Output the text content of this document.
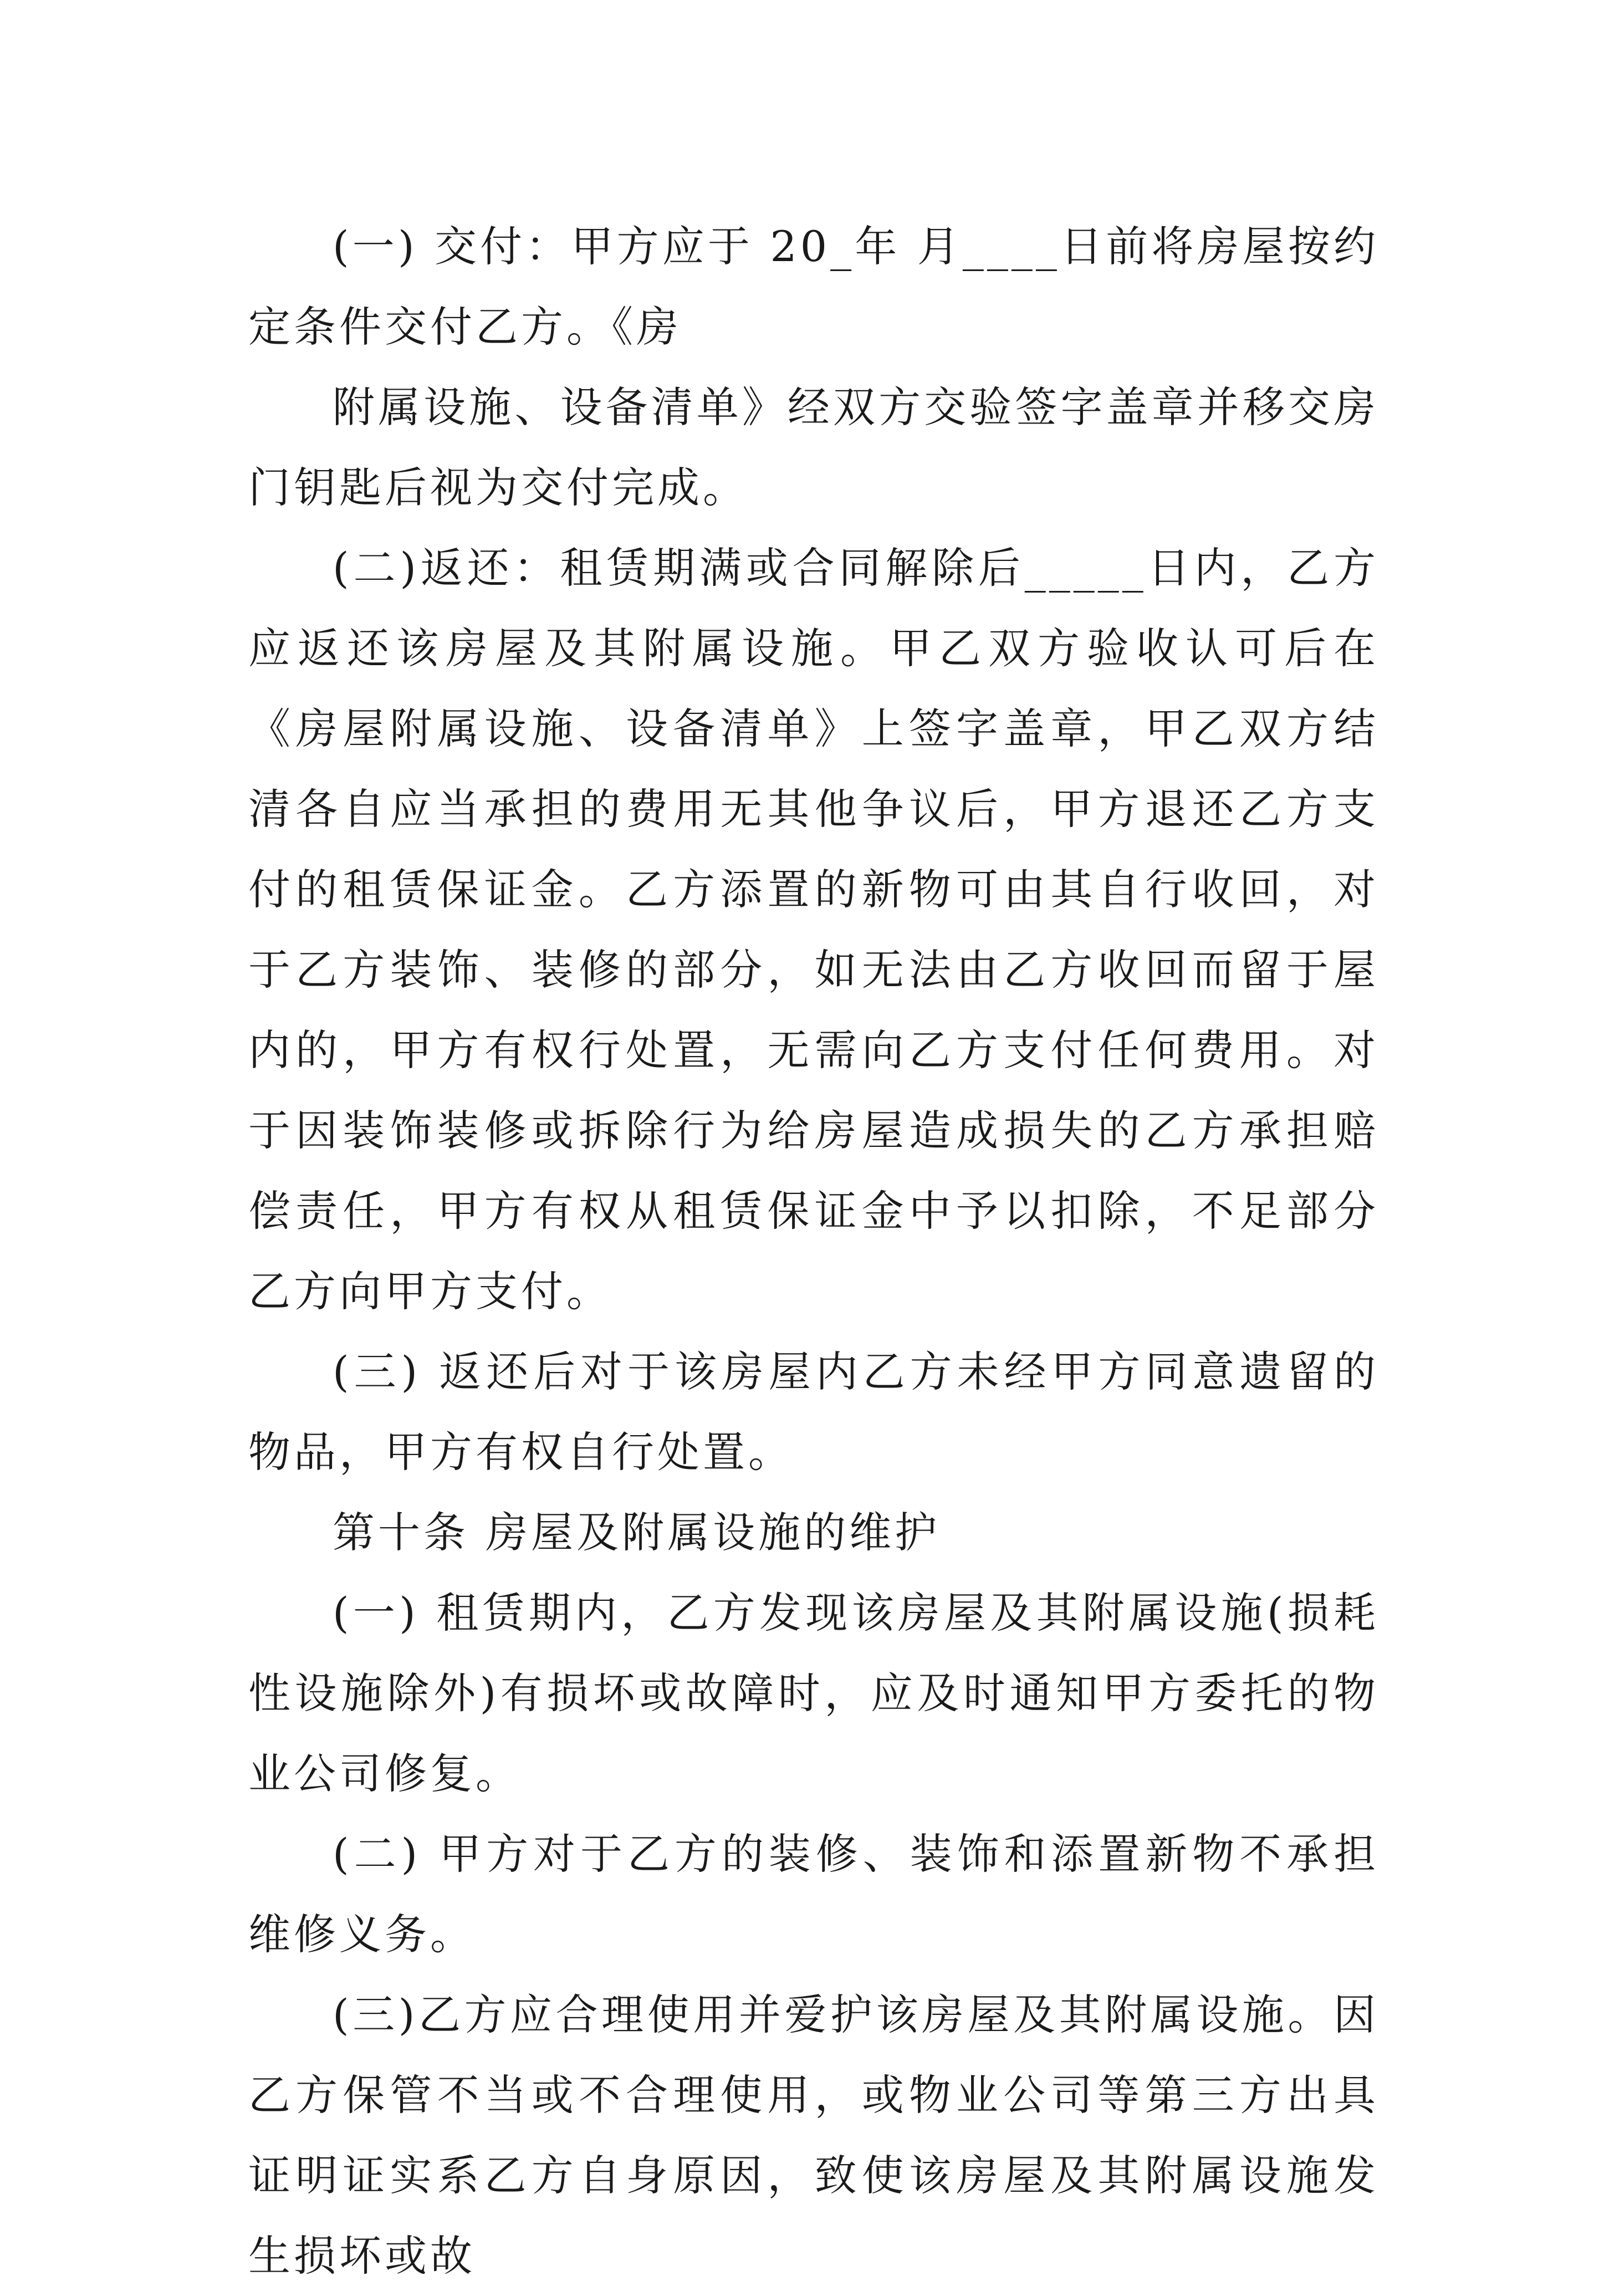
(一) 交付：甲方应于 20_年 月____日前将房屋按约定条件交付乙方。《房

附属设施、设备清单》经双方交验签字盖章并移交房门钥匙后视为交付完成。

(二)返还：租赁期满或合同解除后_____日内，乙方应返还该房屋及其附属设施。甲乙双方验收认可后在《房屋附属设施、设备清单》上签字盖章，甲乙双方结清各自应当承担的费用无其他争议后，甲方退还乙方支付的租赁保证金。乙方添置的新物可由其自行收回，对于乙方装饰、装修的部分，如无法由乙方收回而留于屋内的，甲方有权行处置，无需向乙方支付任何费用。对于因装饰装修或拆除行为给房屋造成损失的乙方承担赔偿责任，甲方有权从租赁保证金中予以扣除，不足部分乙方向甲方支付。

(三) 返还后对于该房屋内乙方未经甲方同意遗留的物品，甲方有权自行处置。

第十条 房屋及附属设施的维护

(一) 租赁期内，乙方发现该房屋及其附属设施(损耗性设施除外)有损坏或故障时，应及时通知甲方委托的物业公司修复。

(二) 甲方对于乙方的装修、装饰和添置新物不承担维修义务。

(三)乙方应合理使用并爱护该房屋及其附属设施。因乙方保管不当或不合理使用，或物业公司等第三方出具证明证实系乙方自身原因，致使该房屋及其附属设施发生损坏或故
